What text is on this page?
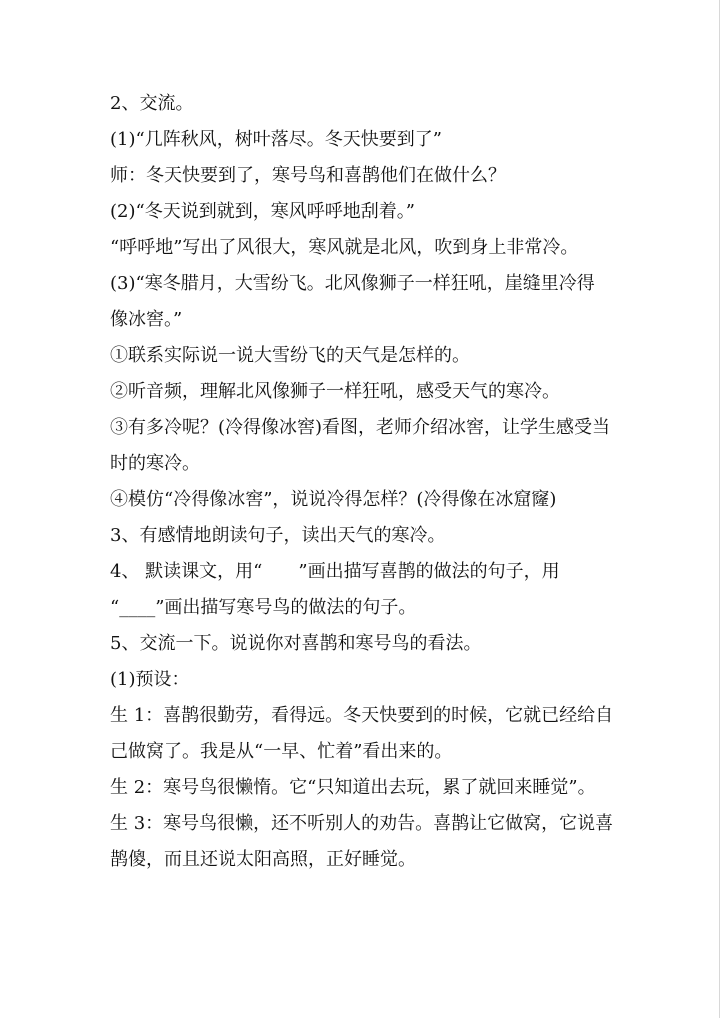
2、交流。
(1)“几阵秋风，树叶落尽。冬天快要到了”
师：冬天快要到了，寒号鸟和喜鹊他们在做什么？
(2)“冬天说到就到，寒风呼呼地刮着。”
“呼呼地”写出了风很大，寒风就是北风，吹到身上非常冷。
(3)“寒冬腊月，大雪纷飞。北风像狮子一样狂吼，崖缝里冷得
像冰窖。”
①联系实际说一说大雪纷飞的天气是怎样的。
②听音频，理解北风像狮子一样狂吼，感受天气的寒冷。
③有多冷呢？(冷得像冰窖)看图，老师介绍冰窖，让学生感受当
时的寒冷。
④模仿“冷得像冰窖”，说说冷得怎样？(冷得像在冰窟窿)
3、有感情地朗读句子，读出天气的寒冷。
4、 默读课文，用“　　”画出描写喜鹊的做法的句子，用
“____”画出描写寒号鸟的做法的句子。
5、交流一下。说说你对喜鹊和寒号鸟的看法。
(1)预设：
生 1：喜鹊很勤劳，看得远。冬天快要到的时候，它就已经给自
己做窝了。我是从“一早、忙着”看出来的。
生 2：寒号鸟很懒惰。它“只知道出去玩，累了就回来睡觉”。
生 3：寒号鸟很懒，还不听别人的劝告。喜鹊让它做窝，它说喜
鹊傻，而且还说太阳高照，正好睡觉。
